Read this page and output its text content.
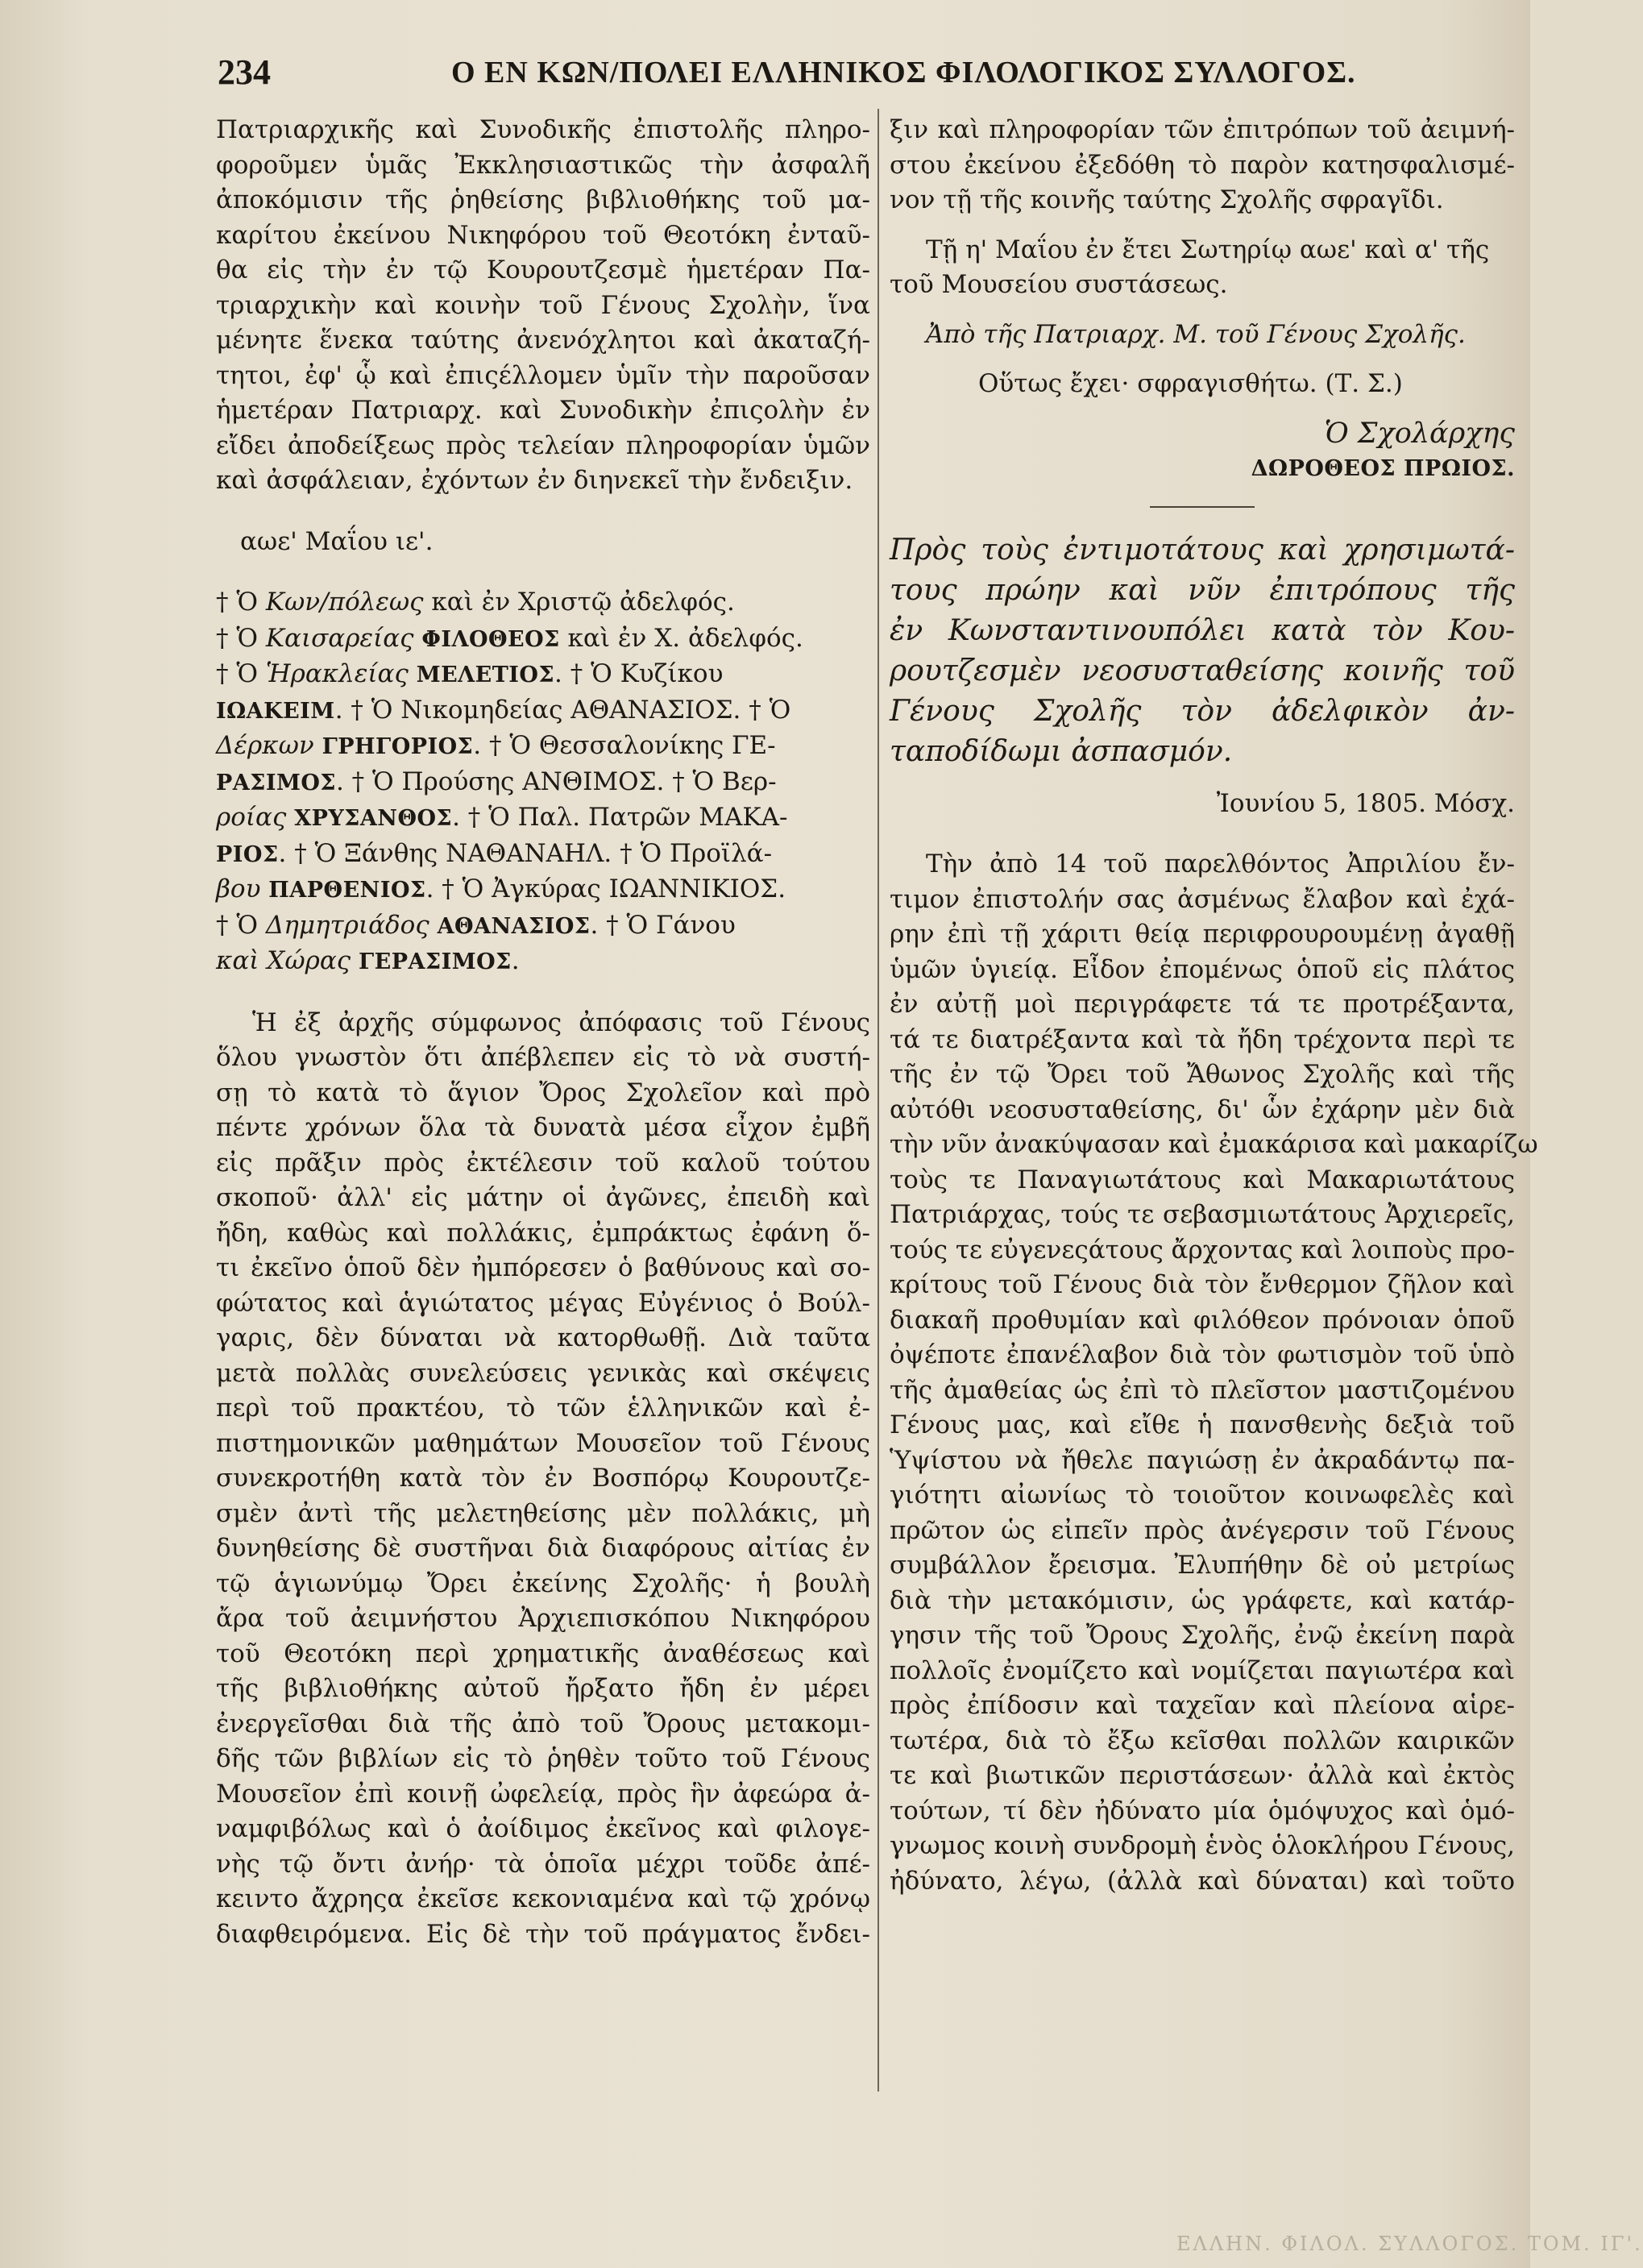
234	Ο ΕΝ ΚΩΝ/ΠΟΛΕΙ ΕΛΛΗΝΙΚΟΣ ΦΙΛΟΛΟΓΙΚΟΣ ΣΥΛΛΟΓΟΣ.

Πατριαρχικῆς καὶ Συνοδικῆς ἐπιστολῆς πληρο-

φοροῦμεν ὑμᾶς Ἐκκλησιαστικῶς τὴν ἀσφαλῆ

ἀποκόμισιν τῆς ῥηθείσης βιβλιοθήκης τοῦ μα-

καρίτου ἐκείνου Νικηφόρου τοῦ Θεοτόκη ἐνταῦ-

θα εἰς τὴν ἐν τῷ Κουρουτζεσμὲ ἡμετέραν Πα-

τριαρχικὴν καὶ κοινὴν τοῦ Γένους Σχολὴν, ἵνα

μένητε ἕνεκα ταύτης ἀνενόχλητοι καὶ ἀκαταζή-

τητοι, ἐφ' ᾧ καὶ ἐπιςέλλομεν ὑμῖν τὴν παροῦσαν

ἡμετέραν Πατριαρχ. καὶ Συνοδικὴν ἐπιςολὴν ἐν

εἴδει ἀποδείξεως πρὸς τελείαν πληροφορίαν ὑμῶν

καὶ ἀσφάλειαν, ἐχόντων ἐν διηνεκεῖ τὴν ἔνδειξιν.

αωε' Μαΐου ιε'.

† Ὁ Κων/πόλεως καὶ ἐν Χριστῷ ἀδελφός.

† Ὁ Καισαρείας ΦΙΛΟΘΕΟΣ καὶ ἐν Χ. ἀδελφός.

† Ὁ Ἡρακλείας ΜΕΛΕΤΙΟΣ. † Ὁ Κυζίκου

ΙΩΑΚΕΙΜ. † Ὁ Νικομηδείας ΑΘΑΝΑΣΙΟΣ. † Ὁ

Δέρκων ΓΡΗΓΟΡΙΟΣ. † Ὁ Θεσσαλονίκης ΓΕ-

ΡΑΣΙΜΟΣ. † Ὁ Προύσης ΑΝΘΙΜΟΣ. † Ὁ Βερ-

ροίας ΧΡΥΣΑΝΘΟΣ. † Ὁ Παλ. Πατρῶν ΜΑΚΑ-

ΡΙΟΣ. † Ὁ Ξάνθης ΝΑΘΑΝΑΗΛ. † Ὁ Προϊλά-

βου ΠΑΡΘΕΝΙΟΣ. † Ὁ Ἀγκύρας ΙΩΑΝΝΙΚΙΟΣ.

† Ὁ Δημητριάδος ΑΘΑΝΑΣΙΟΣ. † Ὁ Γάνου

καὶ Χώρας ΓΕΡΑΣΙΜΟΣ.

Ἡ ἐξ ἀρχῆς σύμφωνος ἀπόφασις τοῦ Γένους

ὅλου γνωστὸν ὅτι ἀπέβλεπεν εἰς τὸ νὰ συστή-

σῃ τὸ κατὰ τὸ ἅγιον Ὄρος Σχολεῖον καὶ πρὸ

πέντε χρόνων ὅλα τὰ δυνατὰ μέσα εἶχον ἐμβῆ

εἰς πρᾶξιν πρὸς ἐκτέλεσιν τοῦ καλοῦ τούτου

σκοποῦ· ἀλλ' εἰς μάτην οἱ ἀγῶνες, ἐπειδὴ καὶ

ἤδη, καθὼς καὶ πολλάκις, ἐμπράκτως ἐφάνη ὅ-

τι ἐκεῖνο ὁποῦ δὲν ἠμπόρεσεν ὁ βαθύνους καὶ σο-

φώτατος καὶ ἁγιώτατος μέγας Εὐγένιος ὁ Βούλ-

γαρις, δὲν δύναται νὰ κατορθωθῇ. Διὰ ταῦτα

μετὰ πολλὰς συνελεύσεις γενικὰς καὶ σκέψεις

περὶ τοῦ πρακτέου, τὸ τῶν ἑλληνικῶν καὶ ἐ-

πιστημονικῶν μαθημάτων Μουσεῖον τοῦ Γένους

συνεκροτήθη κατὰ τὸν ἐν Βοσπόρῳ Κουρουτζε-

σμὲν ἀντὶ τῆς μελετηθείσης μὲν πολλάκις, μὴ

δυνηθείσης δὲ συστῆναι διὰ διαφόρους αἰτίας ἐν

τῷ ἁγιωνύμῳ Ὄρει ἐκείνης Σχολῆς· ἡ βουλὴ

ἄρα τοῦ ἀειμνήστου Ἀρχιεπισκόπου Νικηφόρου

τοῦ Θεοτόκη περὶ χρηματικῆς ἀναθέσεως καὶ

τῆς βιβλιοθήκης αὐτοῦ ἤρξατο ἤδη ἐν μέρει

ἐνεργεῖσθαι διὰ τῆς ἀπὸ τοῦ Ὄρους μετακομι-

δῆς τῶν βιβλίων εἰς τὸ ῥηθὲν τοῦτο τοῦ Γένους

Μουσεῖον ἐπὶ κοινῇ ὠφελείᾳ, πρὸς ἣν ἀφεώρα ἀ-

ναμφιβόλως καὶ ὁ ἀοίδιμος ἐκεῖνος καὶ φιλογε-

νὴς τῷ ὄντι ἀνήρ· τὰ ὁποῖα μέχρι τοῦδε ἀπέ-

κειντο ἄχρηςα ἐκεῖσε κεκονιαμένα καὶ τῷ χρόνῳ

διαφθειρόμενα. Εἰς δὲ τὴν τοῦ πράγματος ἔνδει-

ξιν καὶ πληροφορίαν τῶν ἐπιτρόπων τοῦ ἀειμνή-

στου ἐκείνου ἐξεδόθη τὸ παρὸν κατησφαλισμέ-

νον τῇ τῆς κοινῆς ταύτης Σχολῆς σφραγῖδι.

Τῇ η' Μαΐου ἐν ἔτει Σωτηρίῳ αωε' καὶ α' τῆς

τοῦ Μουσείου συστάσεως.

Ἀπὸ τῆς Πατριαρχ. Μ. τοῦ Γένους Σχολῆς.

Οὕτως ἔχει· σφραγισθήτω. (Τ. Σ.)

Ὁ Σχολάρχης

ΔΩΡΟΘΕΟΣ ΠΡΩΙΟΣ.

Πρὸς τοὺς ἐντιμοτάτους καὶ χρησιμωτά-

τους πρώην καὶ νῦν ἐπιτρόπους τῆς

ἐν Κωνσταντινουπόλει κατὰ τὸν Κου-

ρουτζεσμὲν νεοσυσταθείσης κοινῆς τοῦ

Γένους Σχολῆς τὸν ἀδελφικὸν ἀν-

ταποδίδωμι ἀσπασμόν.

Ἰουνίου 5, 1805. Μόσχ.

Τὴν ἀπὸ 14 τοῦ παρελθόντος Ἀπριλίου ἔν-

τιμον ἐπιστολήν σας ἀσμένως ἔλαβον καὶ ἐχά-

ρην ἐπὶ τῇ χάριτι θείᾳ περιφρουρουμένῃ ἀγαθῇ

ὑμῶν ὑγιείᾳ. Εἶδον ἐπομένως ὁποῦ εἰς πλάτος

ἐν αὐτῇ μοὶ περιγράφετε τά τε προτρέξαντα,

τά τε διατρέξαντα καὶ τὰ ἤδη τρέχοντα περὶ τε

τῆς ἐν τῷ Ὄρει τοῦ Ἄθωνος Σχολῆς καὶ τῆς

αὐτόθι νεοσυσταθείσης, δι' ὧν ἐχάρην μὲν διὰ

τὴν νῦν ἀνακύψασαν καὶ ἐμακάρισα καὶ μακαρίζω

τοὺς τε Παναγιωτάτους καὶ Μακαριωτάτους

Πατριάρχας, τούς τε σεβασμιωτάτους Ἀρχιερεῖς,

τούς τε εὐγενεςάτους ἄρχοντας καὶ λοιποὺς προ-

κρίτους τοῦ Γένους διὰ τὸν ἔνθερμον ζῆλον καὶ

διακαῆ προθυμίαν καὶ φιλόθεον πρόνοιαν ὁποῦ

ὀψέποτε ἐπανέλαβον διὰ τὸν φωτισμὸν τοῦ ὑπὸ

τῆς ἀμαθείας ὡς ἐπὶ τὸ πλεῖστον μαστιζομένου

Γένους μας, καὶ εἴθε ἡ πανσθενὴς δεξιὰ τοῦ

Ὑψίστου νὰ ἤθελε παγιώσῃ ἐν ἀκραδάντῳ πα-

γιότητι αἰωνίως τὸ τοιοῦτον κοινωφελὲς καὶ

πρῶτον ὡς εἰπεῖν πρὸς ἀνέγερσιν τοῦ Γένους

συμβάλλον ἔρεισμα. Ἐλυπήθην δὲ οὐ μετρίως

διὰ τὴν μετακόμισιν, ὡς γράφετε, καὶ κατάρ-

γησιν τῆς τοῦ Ὄρους Σχολῆς, ἐνῷ ἐκείνη παρὰ

πολλοῖς ἐνομίζετο καὶ νομίζεται παγιωτέρα καὶ

πρὸς ἐπίδοσιν καὶ ταχεῖαν καὶ πλείονα αἱρε-

τωτέρα, διὰ τὸ ἔξω κεῖσθαι πολλῶν καιρικῶν

τε καὶ βιωτικῶν περιστάσεων· ἀλλὰ καὶ ἐκτὸς

τούτων, τί δὲν ἠδύνατο μία ὁμόψυχος καὶ ὁμό-

γνωμος κοινὴ συνδρομὴ ἑνὸς ὁλοκλήρου Γένους,

ἠδύνατο, λέγω, (ἀλλὰ καὶ δύναται) καὶ τοῦτο

ΕΛΛΗΝ. ΦΙΛΟΛ. ΣΥΛΛΟΓΟΣ. ΤΟΜ. ΙΓ'.
